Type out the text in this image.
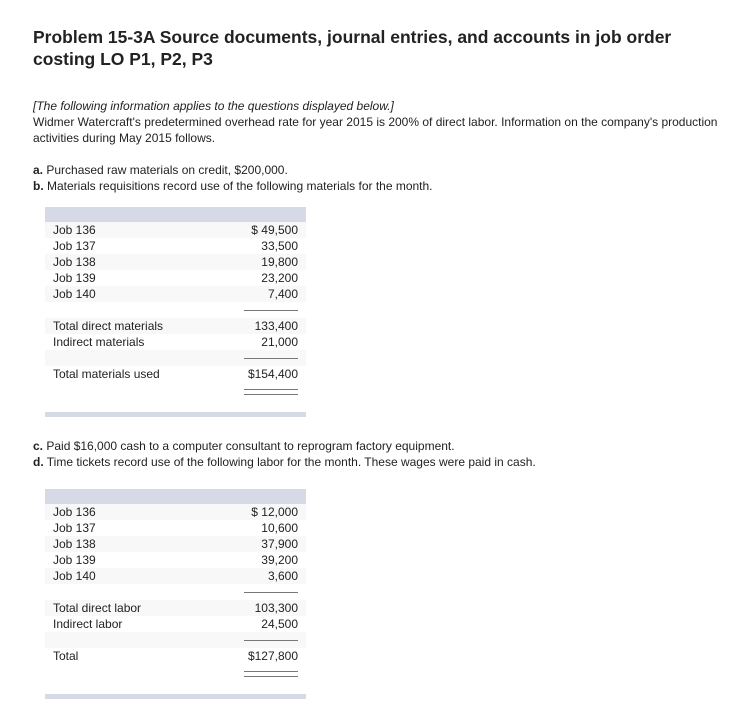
Problem 15-3A Source documents, journal entries, and accounts in job order costing LO P1, P2, P3
[The following information applies to the questions displayed below.]
Widmer Watercraft's predetermined overhead rate for year 2015 is 200% of direct labor. Information on the company's production activities during May 2015 follows.
a. Purchased raw materials on credit, $200,000.
b. Materials requisitions record use of the following materials for the month.
Job 136	$ 49,500
Job 137	33,500
Job 138	19,800
Job 139	23,200
Job 140	7,400
Total direct materials	133,400
Indirect materials	21,000
Total materials used	$154,400
c. Paid $16,000 cash to a computer consultant to reprogram factory equipment.
d. Time tickets record use of the following labor for the month. These wages were paid in cash.
Job 136	$ 12,000
Job 137	10,600
Job 138	37,900
Job 139	39,200
Job 140	3,600
Total direct labor	103,300
Indirect labor	24,500
Total	$127,800
